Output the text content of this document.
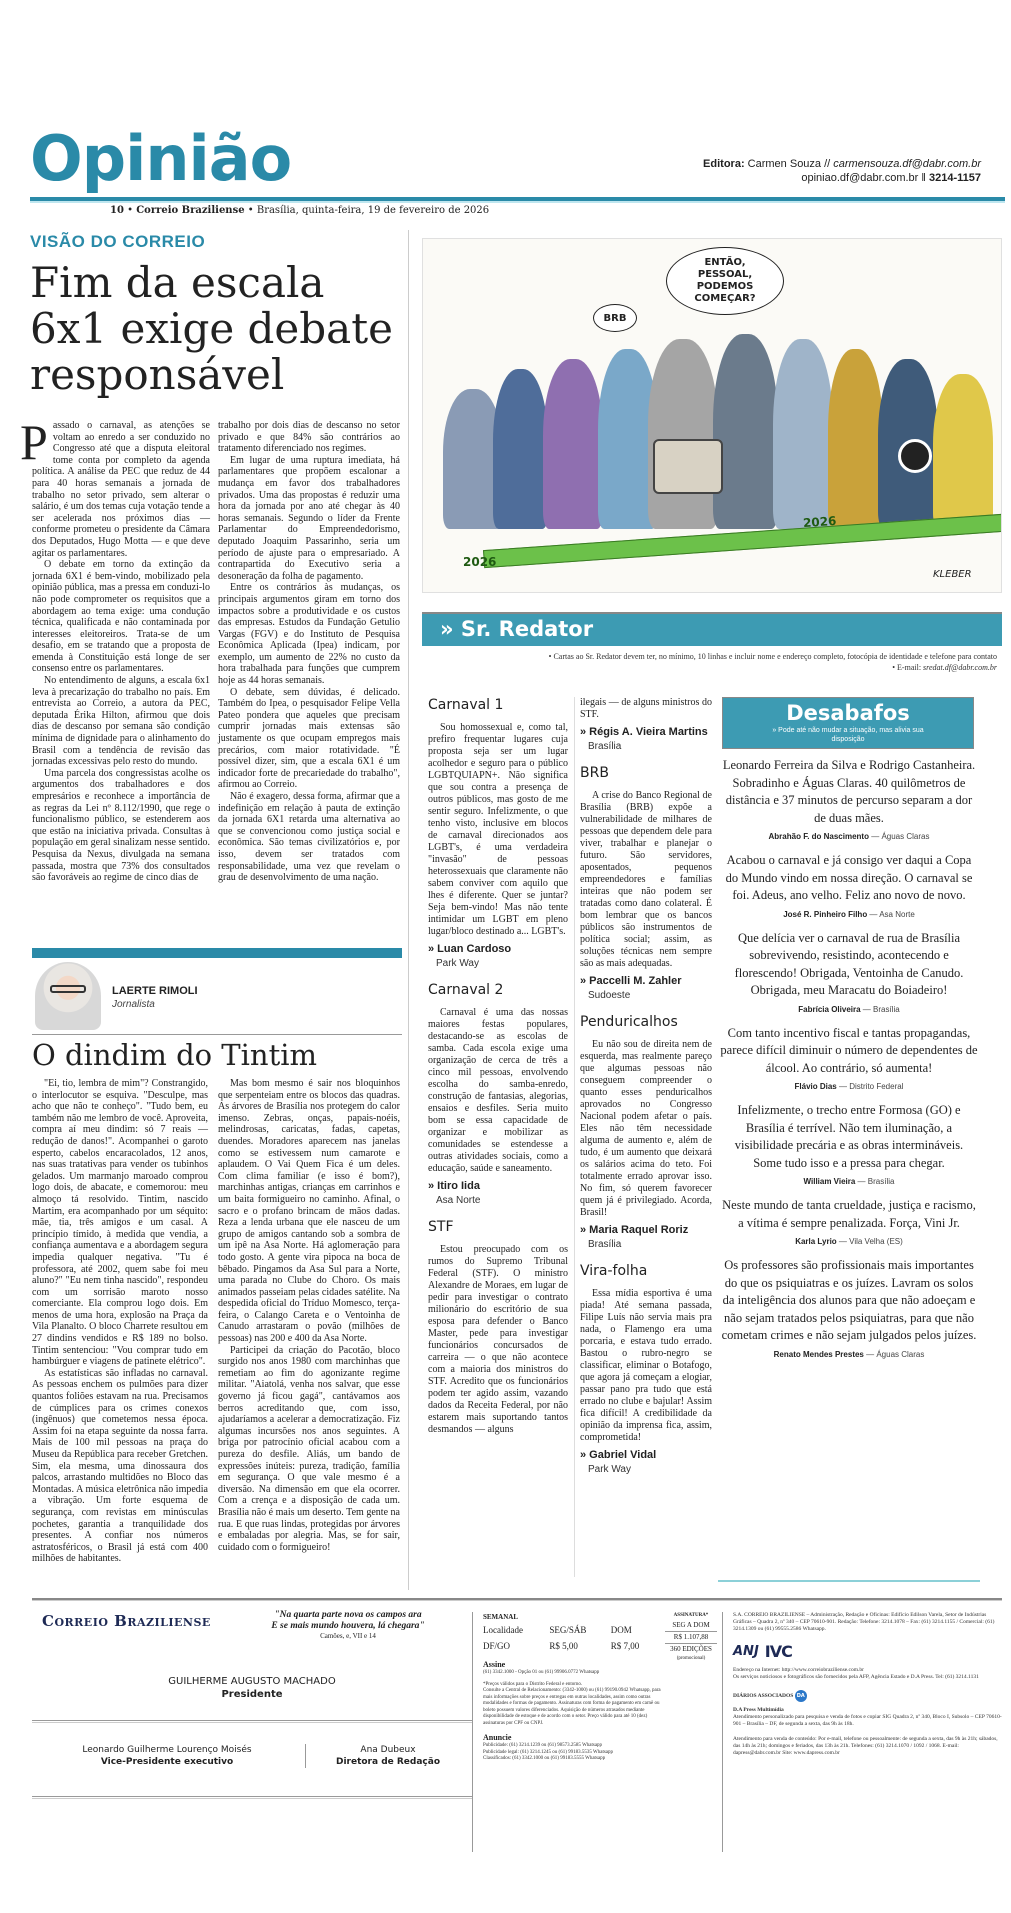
Opinião
10 • Correio Braziliense • Brasília, quinta-feira, 19 de fevereiro de 2026
Editora: Carmen Souza // carmensouza.df@dabr.com.br
opiniao.df@dabr.com.br ‖ 3214-1157
VISÃO DO CORREIO
Fim da escala 6x1 exige debate responsável

Passado o carnaval, as atenções se voltam ao enredo a ser conduzido no Congresso até que a disputa eleitoral tome conta por completo da agenda política. A análise da PEC que reduz de 44 para 40 horas semanais a jornada de trabalho no setor privado, sem alterar o salário, é um dos temas cuja votação tende a ser acelerada nos próximos dias — conforme prometeu o presidente da Câmara dos Deputados, Hugo Motta — e que deve agitar os parlamentares.

O debate em torno da extinção da jornada 6X1 é bem-vindo, mobilizado pela opinião pública, mas a pressa em conduzi-lo não pode comprometer os requisitos que a abordagem ao tema exige: uma condução técnica, qualificada e não contaminada por interesses eleitoreiros. Trata-se de um desafio, em se tratando que a proposta de emenda à Constituição está longe de ser consenso entre os parlamentares.

No entendimento de alguns, a escala 6x1 leva à precarização do trabalho no país. Em entrevista ao Correio, a autora da PEC, deputada Érika Hilton, afirmou que dois dias de descanso por semana são condição mínima de dignidade para o alinhamento do Brasil com a tendência de revisão das jornadas excessivas pelo resto do mundo.

Uma parcela dos congressistas acolhe os argumentos dos trabalhadores e dos empresários e reconhece a importância de as regras da Lei nº 8.112/1990, que rege o funcionalismo público, se estenderem aos que estão na iniciativa privada. Consultas à população em geral sinalizam nesse sentido. Pesquisa da Nexus, divulgada na semana passada, mostra que 73% dos consultados são favoráveis ao regime de cinco dias de

trabalho por dois dias de descanso no setor privado e que 84% são contrários ao tratamento diferenciado nos regimes.

Em lugar de uma ruptura imediata, há parlamentares que propõem escalonar a mudança em favor dos trabalhadores privados. Uma das propostas é reduzir uma hora da jornada por ano até chegar às 40 horas semanais. Segundo o líder da Frente Parlamentar do Empreendedorismo, deputado Joaquim Passarinho, seria um período de ajuste para o empresariado. A contrapartida do Executivo seria a desoneração da folha de pagamento.

Entre os contrários às mudanças, os principais argumentos giram em torno dos impactos sobre a produtividade e os custos das empresas. Estudos da Fundação Getulio Vargas (FGV) e do Instituto de Pesquisa Econômica Aplicada (Ipea) indicam, por exemplo, um aumento de 22% no custo da hora trabalhada para funções que cumprem hoje as 44 horas semanais.

O debate, sem dúvidas, é delicado. Também do Ipea, o pesquisador Felipe Vella Pateo pondera que aqueles que precisam cumprir jornadas mais extensas são justamente os que ocupam empregos mais precários, com maior rotatividade. "É possível dizer, sim, que a escala 6X1 é um indicador forte de precariedade do trabalho", afirmou ao Correio.

Não é exagero, dessa forma, afirmar que a indefinição em relação à pauta de extinção da jornada 6X1 retarda uma alternativa ao que se convencionou como justiça social e econômica. São temas civilizatórios e, por isso, devem ser tratados com responsabilidade, uma vez que revelam o grau de desenvolvimento de uma nação.

LAERTE RIMOLI
Jornalista
O dindim do Tintim

"Ei, tio, lembra de mim"? Constrangido, o interlocutor se esquiva. "Desculpe, mas acho que não te conheço". "Tudo bem, eu também não me lembro de você. Aproveita, compra aí meu dindim: só 7 reais — redução de danos!". Acompanhei o garoto esperto, cabelos encaracolados, 12 anos, nas suas tratativas para vender os tubinhos gelados. Um marmanjo maroado comprou logo dois, de abacate, e comemorou: meu almoço tá resolvido. Tintim, nascido Martim, era acompanhado por um séquito: mãe, tia, três amigos e um casal. A princípio tímido, à medida que vendia, a confiança aumentava e a abordagem segura impedia qualquer negativa. "Tu é professora, até 2002, quem sabe foi meu aluno?" "Eu nem tinha nascido", respondeu com um sorrisão maroto nosso comerciante. Ela comprou logo dois. Em menos de uma hora, explosão na Praça da Vila Planalto. O bloco Charrete resultou em 27 dindins vendidos e R$ 189 no bolso. Tintim sentenciou: "Vou comprar tudo em hambúrguer e viagens de patinete elétrico".

As estatísticas são infladas no carnaval. As pessoas enchem os pulmões para dizer quantos foliões estavam na rua. Precisamos de cúmplices para os crimes conexos (ingênuos) que cometemos nessa época. Assim foi na etapa seguinte da nossa farra. Mais de 100 mil pessoas na praça do Museu da República para receber Gretchen. Sim, ela mesma, uma dinossaura dos palcos, arrastando multidões no Bloco das Montadas. A música eletrônica não impedia a vibração. Um forte esquema de segurança, com revistas em minúsculas pochetes, garantia a tranquilidade dos presentes. A confiar nos números astratosféricos, o Brasil já está com 400 milhões de habitantes.

Mas bom mesmo é sair nos bloquinhos que serpenteiam entre os blocos das quadras. As árvores de Brasília nos protegem do calor imenso. Zebras, onças, papais-noéis, melindrosas, caricatas, fadas, capetas, duendes. Moradores aparecem nas janelas como se estivessem num camarote e aplaudem. O Vai Quem Fica é um deles. Com clima familiar (e isso é bom?), marchinhas antigas, crianças em carrinhos e um baita formigueiro no caminho. Afinal, o sacro e o profano brincam de mãos dadas. Reza a lenda urbana que ele nasceu de um grupo de amigos cantando sob a sombra de um ipê na Asa Norte. Há aglomeração para todo gosto. A gente vira pipoca na boca de bêbado. Pingamos da Asa Sul para a Norte, uma parada no Clube do Choro. Os mais animados passeiam pelas cidades satélite. Na despedida oficial do Tríduo Momesco, terça-feira, o Calango Careta e o Ventoinha de Canudo arrastaram o povão (milhões de pessoas) nas 200 e 400 da Asa Norte.

Participei da criação do Pacotão, bloco surgido nos anos 1980 com marchinhas que remetiam ao fim do agonizante regime militar. "Aiatolá, venha nos salvar, que esse governo já ficou gagá", cantávamos aos berros acreditando que, com isso, ajudaríamos a acelerar a democratização. Fiz algumas incursões nos anos seguintes. A briga por patrocínio oficial acabou com a pureza do desfile. Aliás, um bando de expressões inúteis: pureza, tradição, família em segurança. O que vale mesmo é a diversão. Na dimensão em que ela ocorrer. Com a crença e a disposição de cada um. Brasília não é mais um deserto. Tem gente na rua. E que ruas lindas, protegidas por árvores e embaladas por alegria. Mas, se for sair, cuidado com o formigueiro!

ENTÃO, PESSOAL, PODEMOS COMEÇAR?
BRB
2026
2026
KLEBER
» Sr. Redator
• Cartas ao Sr. Redator devem ter, no mínimo, 10 linhas e incluir nome e endereço completo, fotocópia de identidade e telefone para contato
• E-mail: sredat.df@dabr.com.br
Carnaval 1

Sou homossexual e, como tal, prefiro frequentar lugares cuja proposta seja ser um lugar acolhedor e seguro para o público LGBTQUIAPN+. Não significa que sou contra a presença de outros públicos, mas gosto de me sentir seguro. Infelizmente, o que tenho visto, inclusive em blocos de carnaval direcionados aos LGBT's, é uma verdadeira "invasão" de pessoas heterossexuais que claramente não sabem conviver com aquilo que lhes é diferente. Quer se juntar? Seja bem-vindo! Mas não tente intimidar um LGBT em pleno lugar/bloco destinado a... LGBT's.

» Luan Cardoso
Park Way
Carnaval 2

Carnaval é uma das nossas maiores festas populares, destacando-se as escolas de samba. Cada escola exige uma organização de cerca de três a cinco mil pessoas, envolvendo escolha do samba-enredo, construção de fantasias, alegorias, ensaios e desfiles. Seria muito bom se essa capacidade de organizar e mobilizar as comunidades se estendesse a outras atividades sociais, como a educação, saúde e saneamento.

» Itiro Iida
Asa Norte
STF

Estou preocupado com os rumos do Supremo Tribunal Federal (STF). O ministro Alexandre de Moraes, em lugar de pedir para investigar o contrato milionário do escritório de sua esposa para defender o Banco Master, pede para investigar funcionários concursados de carreira — o que não acontece com a maioria dos ministros do STF. Acredito que os funcionários podem ter agido assim, vazando dados da Receita Federal, por não estarem mais suportando tantos desmandos — alguns

ilegais — de alguns ministros do STF.

» Régis A. Vieira Martins
Brasília
BRB

A crise do Banco Regional de Brasília (BRB) expõe a vulnerabilidade de milhares de pessoas que dependem dele para viver, trabalhar e planejar o futuro. São servidores, aposentados, pequenos empreendedores e famílias inteiras que não podem ser tratadas como dano colateral. É bom lembrar que os bancos públicos são instrumentos de política social; assim, as soluções técnicas nem sempre são as mais adequadas.

» Paccelli M. Zahler
Sudoeste
Penduricalhos

Eu não sou de direita nem de esquerda, mas realmente pareço que algumas pessoas não conseguem compreender o quanto esses penduricalhos aprovados no Congresso Nacional podem afetar o país. Eles não têm necessidade alguma de aumento e, além de tudo, é um aumento que deixará os salários acima do teto. Foi totalmente errado aprovar isso. No fim, só querem favorecer quem já é privilegiado. Acorda, Brasil!

» Maria Raquel Roriz
Brasília
Vira-folha

Essa mídia esportiva é uma piada! Até semana passada, Filipe Luís não servia mais pra nada, o Flamengo era uma porcaria, e estava tudo errado. Bastou o rubro-negro se classificar, eliminar o Botafogo, que agora já começam a elogiar, passar pano pra tudo que está errado no clube e bajular! Assim fica difícil! A credibilidade da opinião da imprensa fica, assim, comprometida!

» Gabriel Vidal
Park Way
Desabafos
» Pode até não mudar a situação, mas alivia sua disposição

Leonardo Ferreira da Silva e Rodrigo Castanheira. Sobradinho e Águas Claras. 40 quilômetros de distância e 37 minutos de percurso separam a dor de duas mães.

Abrahão F. do Nascimento — Águas Claras

Acabou o carnaval e já consigo ver daqui a Copa do Mundo vindo em nossa direção. O carnaval se foi. Adeus, ano velho. Feliz ano novo de novo.

José R. Pinheiro Filho — Asa Norte

Que delícia ver o carnaval de rua de Brasília sobrevivendo, resistindo, acontecendo e florescendo! Obrigada, Ventoinha de Canudo. Obrigada, meu Maracatu do Boiadeiro!

Fabrícia Oliveira — Brasília

Com tanto incentivo fiscal e tantas propagandas, parece difícil diminuir o número de dependentes de álcool. Ao contrário, só aumenta!

Flávio Dias — Distrito Federal

Infelizmente, o trecho entre Formosa (GO) e Brasília é terrível. Não tem iluminação, a visibilidade precária e as obras intermináveis. Some tudo isso e a pressa para chegar.

William Vieira — Brasília

Neste mundo de tanta crueldade, justiça e racismo, a vítima é sempre penalizada. Força, Vini Jr.

Karla Lyrio — Vila Velha (ES)

Os professores são profissionais mais importantes do que os psiquiatras e os juízes. Lavram os solos da inteligência dos alunos para que não adoeçam e não sejam tratados pelos psiquiatras, para que não cometam crimes e não sejam julgados pelos juízes.

Renato Mendes Prestes — Águas Claras
Correio Braziliense	"Na quarta parte nova os campos ara
E se mais mundo houvera, lá chegara"
Camões, e, VII e 14
GUILHERME AUGUSTO MACHADO
Presidente
Leonardo Guilherme Lourenço Moisés
Vice-Presidente executivo
Ana Dubeux
Diretora de Redação
SEMANAL
Localidade	SEG/SÁB	DOM
DF/GO	R$ 5,00	R$ 7,00
Assine
(61) 3342.1000 - Opção 01 ou (61) 99906.0772 Whatsapp
*Preços válidos para o Distrito Federal e entorno.
Consulte a Central de Relacionamento: (3342-1000) ou (61) 99190.0942 Whatsapp, para mais informações sobre preços e entregas em outras localidades, assim como outras modalidades e formas de pagamento. Assinaturas com forma de pagamento em carnê ou boleto possuem valores diferenciados. Aquisição de números atrasados mediante disponibilidade de estoque e de acordo com o setor. Preço válido para até 10 (dez) assinaturas por CPF ou CNPJ.
Anuncie
Publicidade: (61) 3214.1239 ou (61) 98573.2585 Whatsapp
Publicidade legal: (61) 3214.1245 ou (61) 99183.5535 Whatsapp
Classificados: (61) 3342.1000 ou (61) 99183.5555 Whatsapp
ASSINATURA*
SEG A DOM
R$ 1.107,88
360 EDIÇÕES
(promocional)
S.A. CORREIO BRAZILIENSE – Administração, Redação e Oficinas: Edifício Edilson Varela, Setor de Indústrias Gráficas – Quadra 2, nº 340 – CEP 70610-901. Redação: Telefone: 3214.1078 – Fax: (61) 3214.1155 / Comercial: (61) 3214.1309 ou (61) 99555.2586 Whatsapp.
ANJ IVC
Endereço na Internet: http://www.correiobraziliense.com.br
Os serviços noticiosos e fotográficos são fornecidos pela AFP, Agência Estado e D.A Press. Tel: (61) 3214.1131
DIÁRIOS ASSOCIADOS DA
D.A Press Multimídia
Atendimento personalizado para pesquisa e venda de fotos e copiar SIG Quadra 2, nº 340, Bloco I, Subsolo – CEP 70610-901 – Brasília – DF, de segunda a sexta, das 9h às 18h.
Atendimento para venda de conteúdo: Por e-mail, telefone ou pessoalmente: de segunda a sexta, das 9h às 21h; sábados, das 14h às 21h; domingos e feriados, das 13h às 21h. Telefones: (61) 3214.1070 / 1092 / 1068. E-mail: dapress@dabr.com.br Site: www.dapress.com.br
